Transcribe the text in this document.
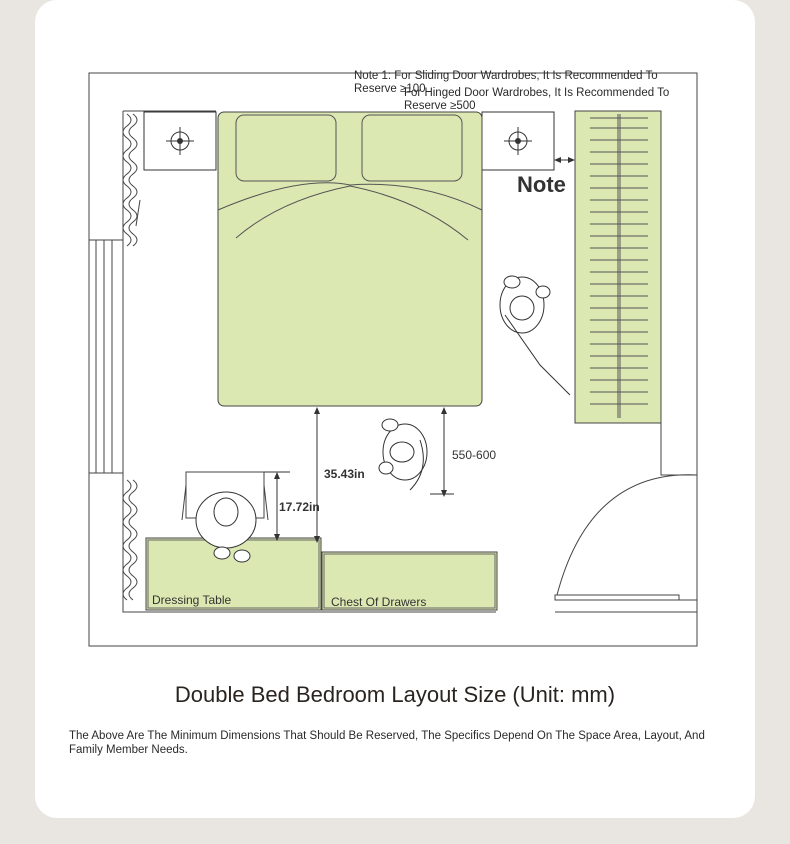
Note 1: For Sliding Door Wardrobes, It Is Recommended To
Reserve ≥100
For Hinged Door Wardrobes, It Is Recommended To
Reserve ≥500
Note
35.43in
17.72in
550-600
Dressing Table	Chest Of Drawers
Double Bed Bedroom Layout Size (Unit: mm)
The Above Are The Minimum Dimensions That Should Be Reserved, The Specifics Depend On The Space Area, Layout, And Family Member Needs.
